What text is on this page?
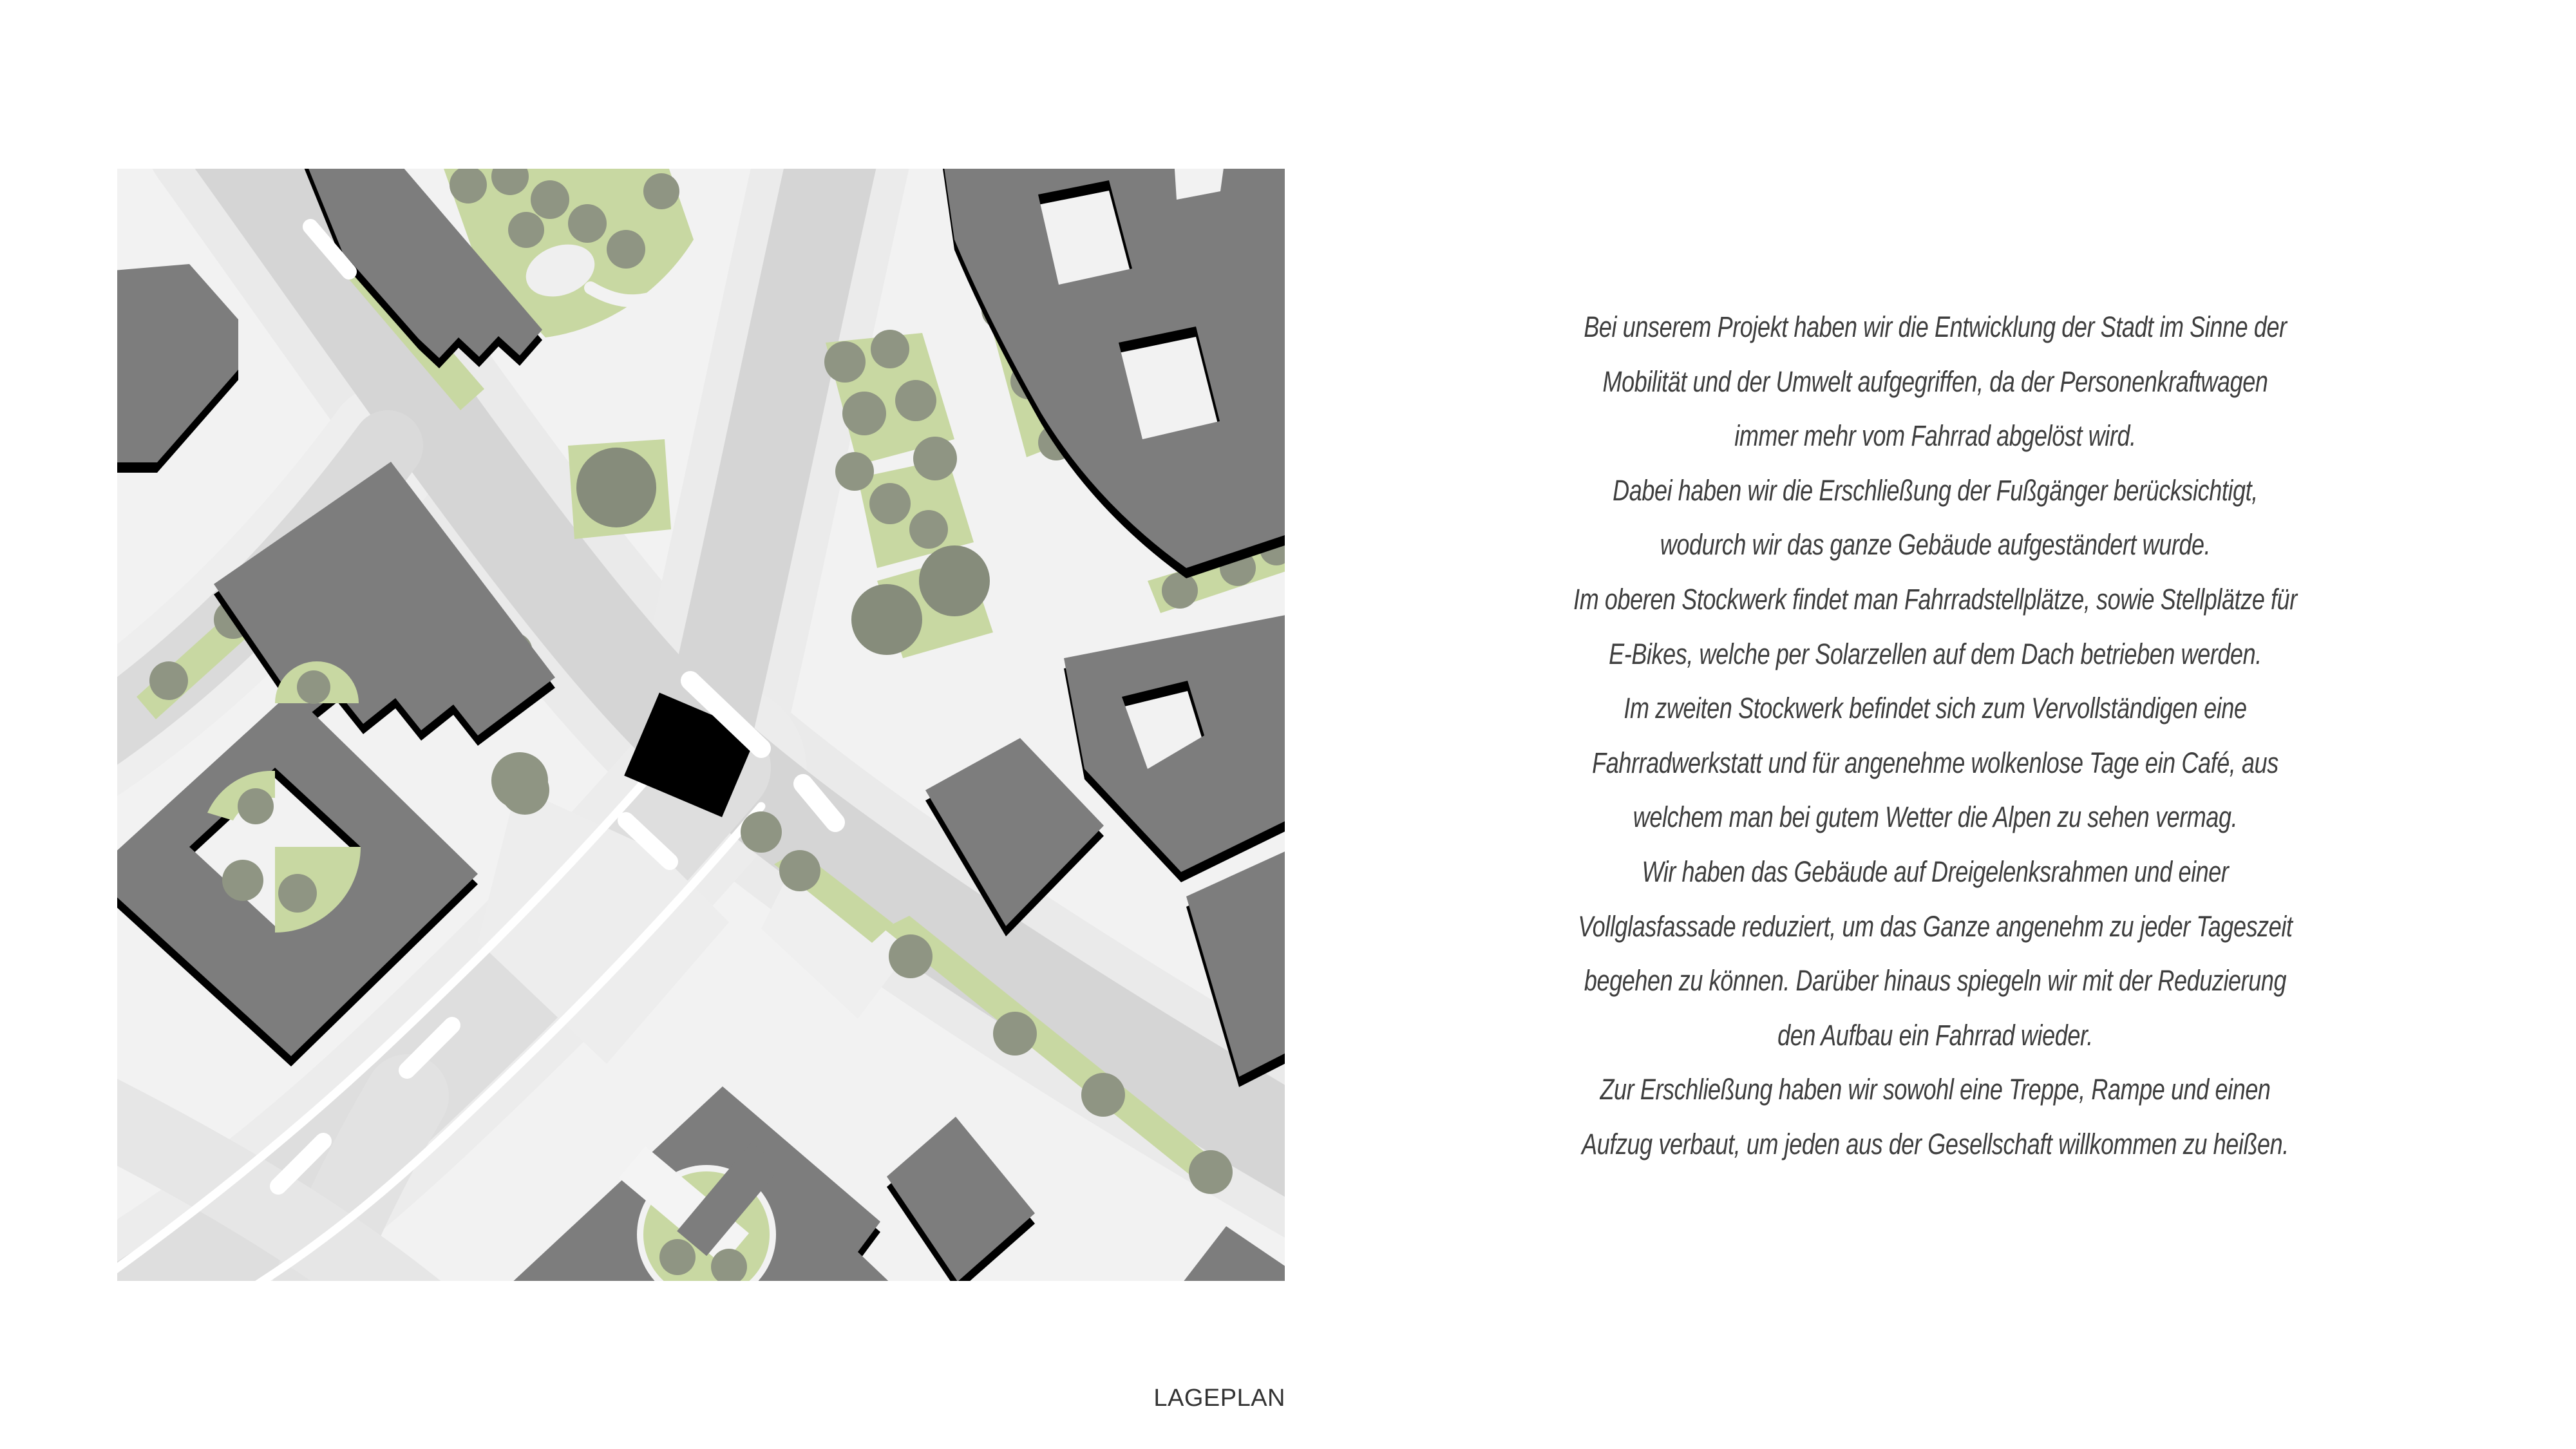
Bei unserem Projekt haben wir die Entwicklung der Stadt im Sinne der

Mobilität und der Umwelt aufgegriffen, da der Personenkraftwagen

immer mehr vom Fahrrad abgelöst wird.

Dabei haben wir die Erschließung der Fußgänger berücksichtigt,

wodurch wir das ganze Gebäude aufgeständert wurde.

Im oberen Stockwerk findet man Fahrradstellplätze, sowie Stellplätze für

E-Bikes, welche per Solarzellen auf dem Dach betrieben werden.

Im zweiten Stockwerk befindet sich zum Vervollständigen eine

Fahrradwerkstatt und für angenehme wolkenlose Tage ein Café, aus

welchem man bei gutem Wetter die Alpen zu sehen vermag.

Wir haben das Gebäude auf Dreigelenksrahmen und einer

Vollglasfassade reduziert, um das Ganze angenehm zu jeder Tageszeit

begehen zu können. Darüber hinaus spiegeln wir mit der Reduzierung

den Aufbau ein Fahrrad wieder.

Zur Erschließung haben wir sowohl eine Treppe, Rampe und einen

Aufzug verbaut, um jeden aus der Gesellschaft willkommen zu heißen.

LAGEPLAN
